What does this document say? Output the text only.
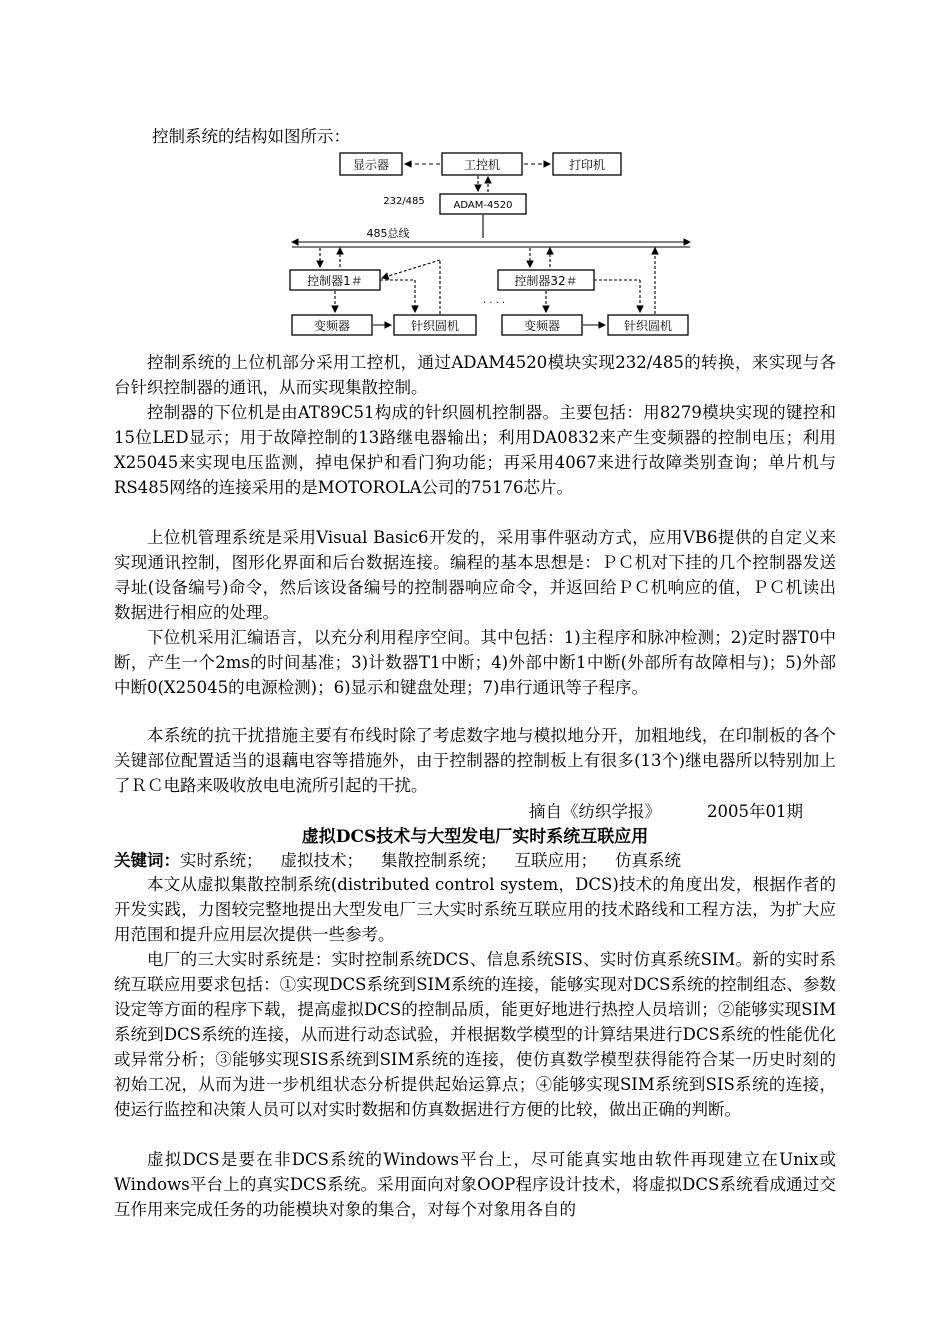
控制系统的结构如图所示：
显示器	工控机	打印机
232/485	ADAM-4520
485总线
控制器1＃	控制器32＃
· · · ·
变频器	针织圆机	变频器	针织圆机

控制系统的上位机部分采用工控机，通过ADAM4520模块实现232/485的转换，来实现与各台针织控制器的通讯，从而实现集散控制。

控制器的下位机是由AT89C51构成的针织圆机控制器。主要包括：用8279模块实现的键控和15位LED显示；用于故障控制的13路继电器输出；利用DA0832来产生变频器的控制电压；利用X25045来实现电压监测，掉电保护和看门狗功能；再采用4067来进行故障类别查询；单片机与RS485网络的连接采用的是MOTOROLA公司的75176芯片。

上位机管理系统是采用Visual Basic6开发的，采用事件驱动方式，应用VB6提供的自定义来实现通讯控制，图形化界面和后台数据连接。编程的基本思想是：ＰＣ机对下挂的几个控制器发送寻址(设备编号)命令，然后该设备编号的控制器响应命令，并返回给ＰＣ机响应的值，ＰＣ机读出数据进行相应的处理。

下位机采用汇编语言，以充分利用程序空间。其中包括：1)主程序和脉冲检测；2)定时器T0中断，产生一个2ms的时间基准；3)计数器T1中断；4)外部中断1中断(外部所有故障相与)；5)外部中断0(X25045的电源检测)；6)显示和键盘处理；7)串行通讯等子程序。

本系统的抗干扰措施主要有布线时除了考虑数字地与模拟地分开，加粗地线，在印制板的各个关键部位配置适当的退藕电容等措施外，由于控制器的控制板上有很多(13个)继电器所以特别加上了ＲＣ电路来吸收放电电流所引起的干扰。

摘自《纺织学报》	2005年01期
虚拟DCS技术与大型发电厂实时系统互联应用
关键词：实时系统； 虚拟技术； 集散控制系统； 互联应用； 仿真系统

本文从虚拟集散控制系统(distributed control system，DCS)技术的角度出发，根据作者的开发实践，力图较完整地提出大型发电厂三大实时系统互联应用的技术路线和工程方法，为扩大应用范围和提升应用层次提供一些参考。

电厂的三大实时系统是：实时控制系统DCS、信息系统SIS、实时仿真系统SIM。新的实时系统互联应用要求包括：①实现DCS系统到SIM系统的连接，能够实现对DCS系统的控制组态、参数设定等方面的程序下载，提高虚拟DCS的控制品质，能更好地进行热控人员培训；②能够实现SIM系统到DCS系统的连接，从而进行动态试验，并根据数学模型的计算结果进行DCS系统的性能优化或异常分析；③能够实现SIS系统到SIM系统的连接，使仿真数学模型获得能符合某一历史时刻的初始工况，从而为进一步机组状态分析提供起始运算点；④能够实现SIM系统到SIS系统的连接，使运行监控和决策人员可以对实时数据和仿真数据进行方便的比较，做出正确的判断。

虚拟DCS是要在非DCS系统的Windows平台上，尽可能真实地由软件再现建立在Unix或Windows平台上的真实DCS系统。采用面向对象OOP程序设计技术，将虚拟DCS系统看成通过交互作用来完成任务的功能模块对象的集合，对每个对象用各自的
